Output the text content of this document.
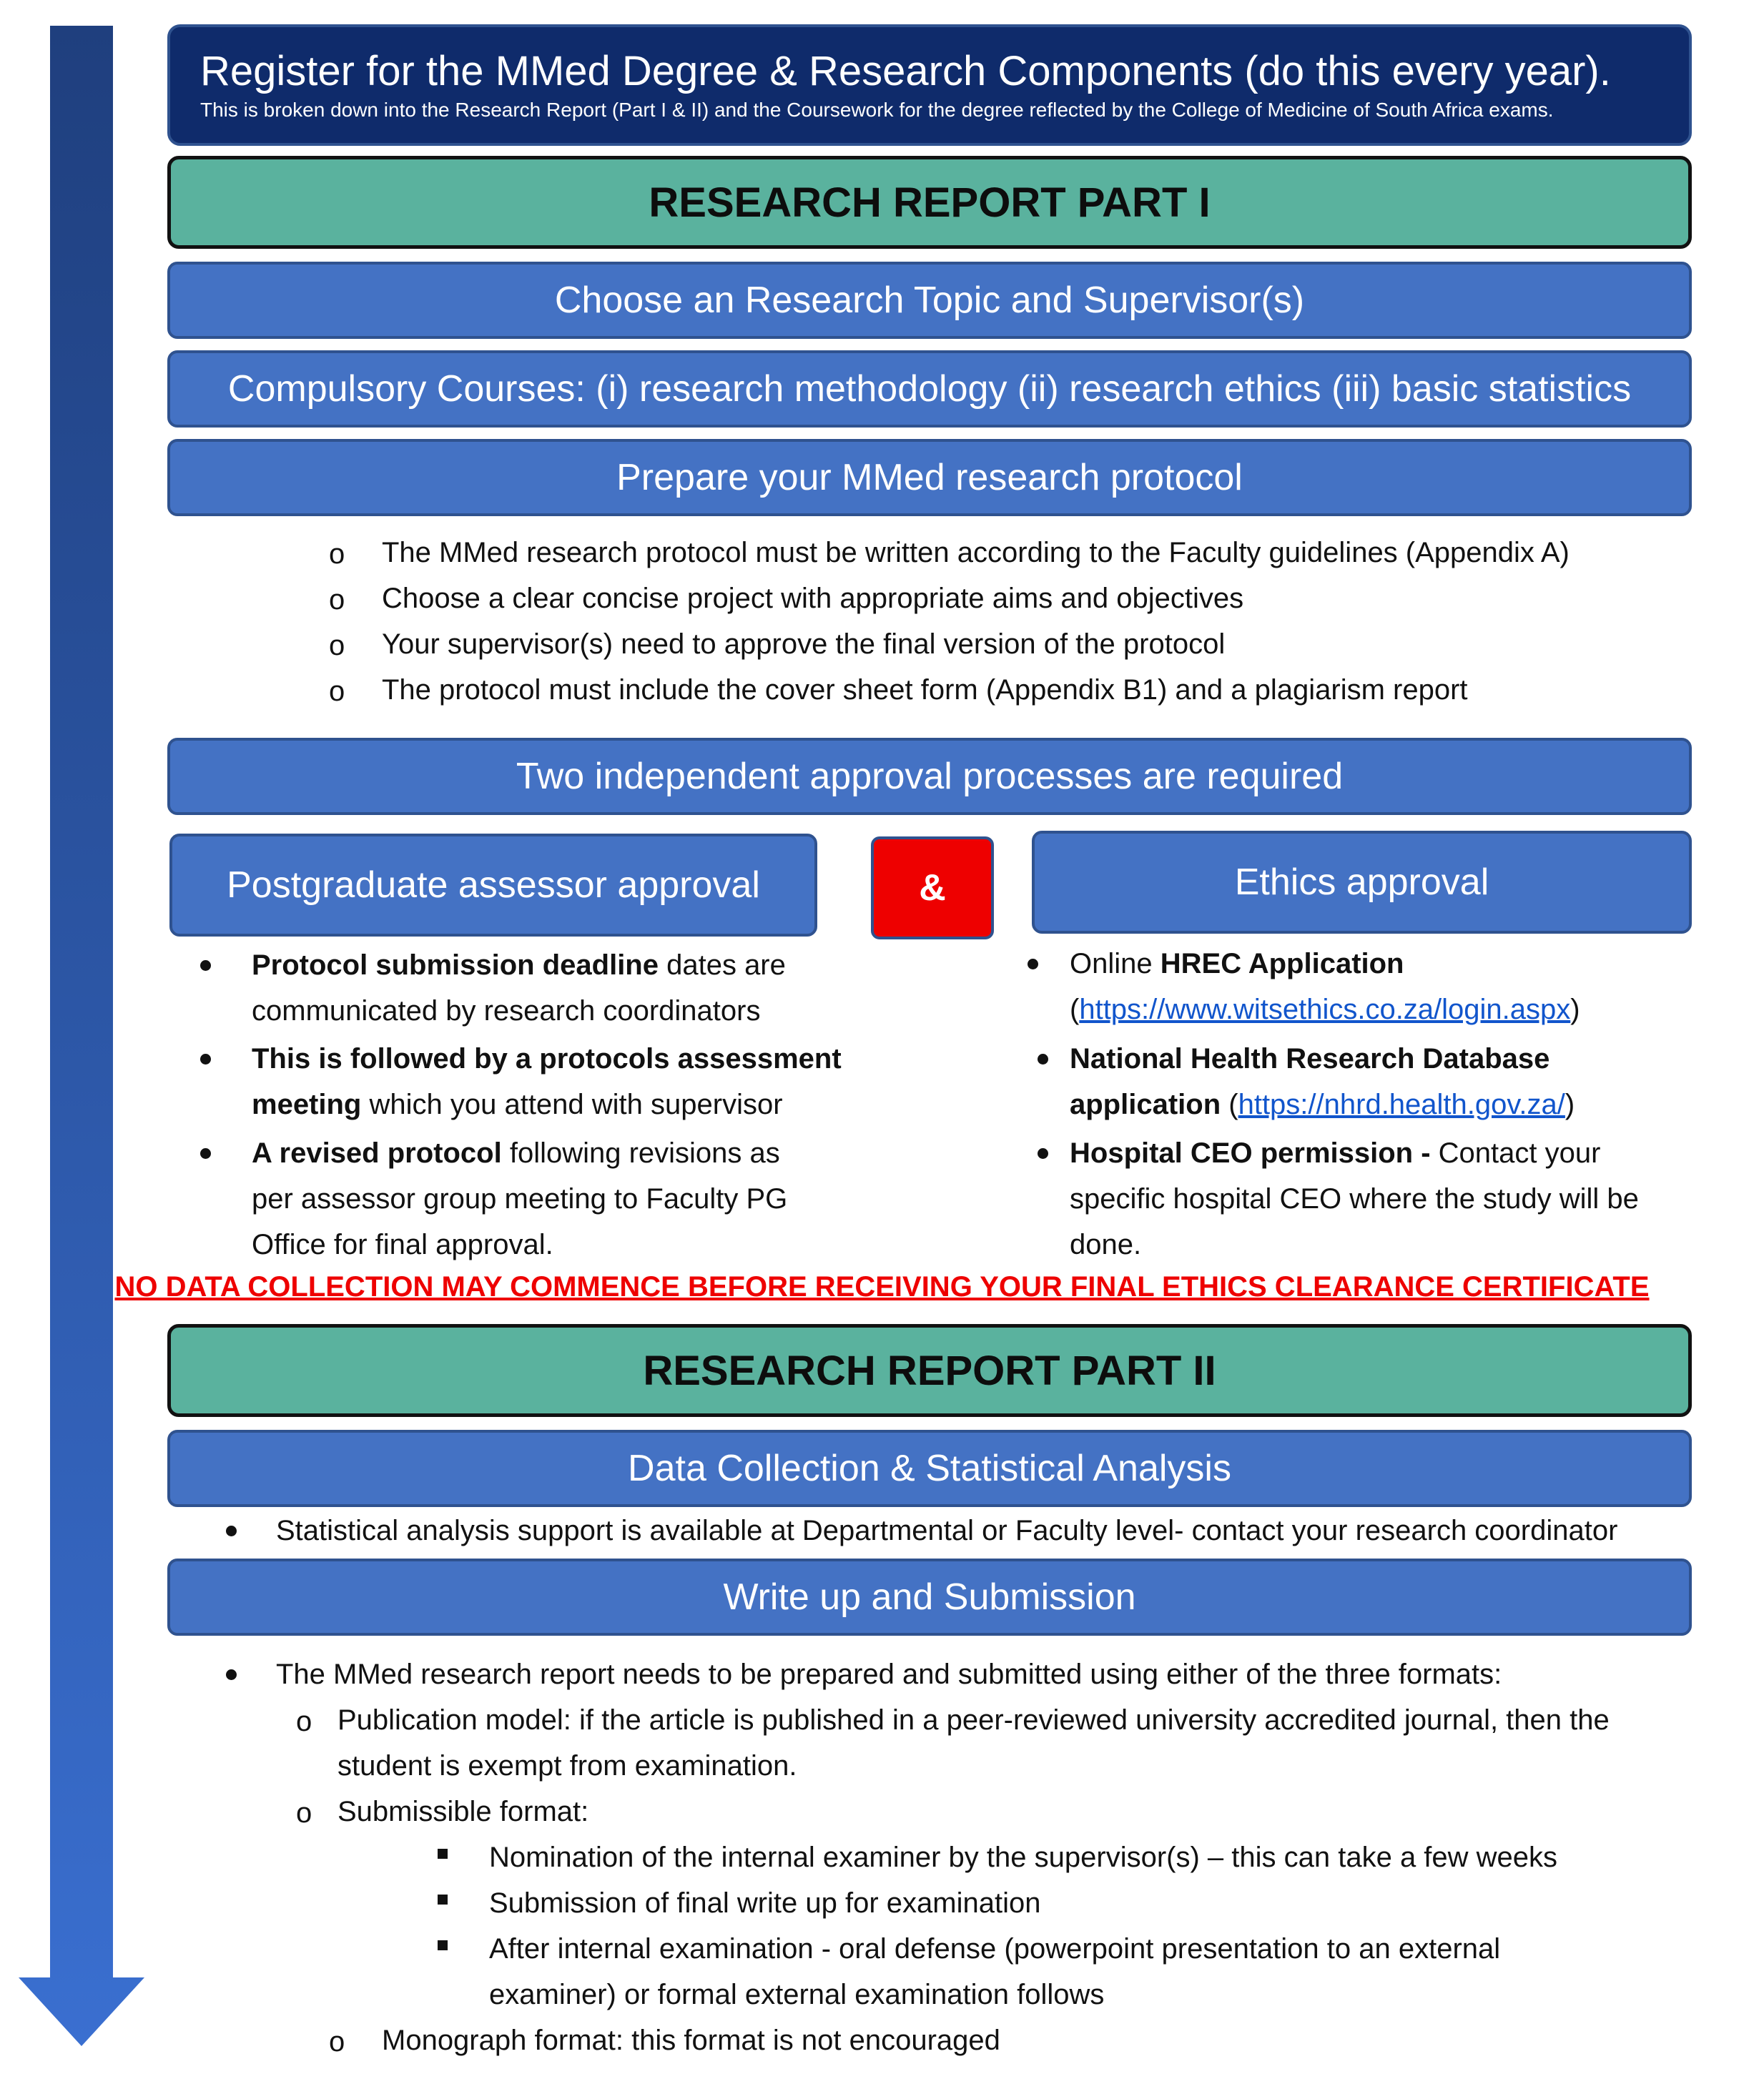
Register for the MMed Degree & Research Components (do this every year).
This is broken down into the Research Report (Part I & II) and the Coursework for the degree reflected by the College of Medicine of South Africa exams.
RESEARCH REPORT PART I
Choose an Research Topic and Supervisor(s)
Compulsory Courses: (i) research methodology (ii) research ethics (iii) basic statistics
Prepare your MMed research protocol
o The MMed research protocol must be written according to the Faculty guidelines (Appendix A)
o Choose a clear concise project with appropriate aims and objectives
o Your supervisor(s) need to approve the final version of the protocol
o The protocol must include the cover sheet form (Appendix B1) and a plagiarism report
Two independent approval processes are required
Postgraduate assessor approval	&	Ethics approval
Protocol submission deadline dates are
communicated by research coordinators
This is followed by a protocols assessment
meeting which you attend with supervisor
A revised protocol following revisions as
per assessor group meeting to Faculty PG
Office for final approval.
Online HREC Application
(https://www.witsethics.co.za/login.aspx)
National Health Research Database
application (https://nhrd.health.gov.za/)
Hospital CEO permission - Contact your
specific hospital CEO where the study will be
done.
NO DATA COLLECTION MAY COMMENCE BEFORE RECEIVING YOUR FINAL ETHICS CLEARANCE CERTIFICATE
RESEARCH REPORT PART II
Data Collection & Statistical Analysis
Statistical analysis support is available at Departmental or Faculty level- contact your research coordinator
Write up and Submission
The MMed research report needs to be prepared and submitted using either of the three formats:
o Publication model: if the article is published in a peer-reviewed university accredited journal, then the
student is exempt from examination.
o Submissible format:
Nomination of the internal examiner by the supervisor(s) – this can take a few weeks
Submission of final write up for examination
After internal examination - oral defense (powerpoint presentation to an external
examiner) or formal external examination follows
o Monograph format: this format is not encouraged
